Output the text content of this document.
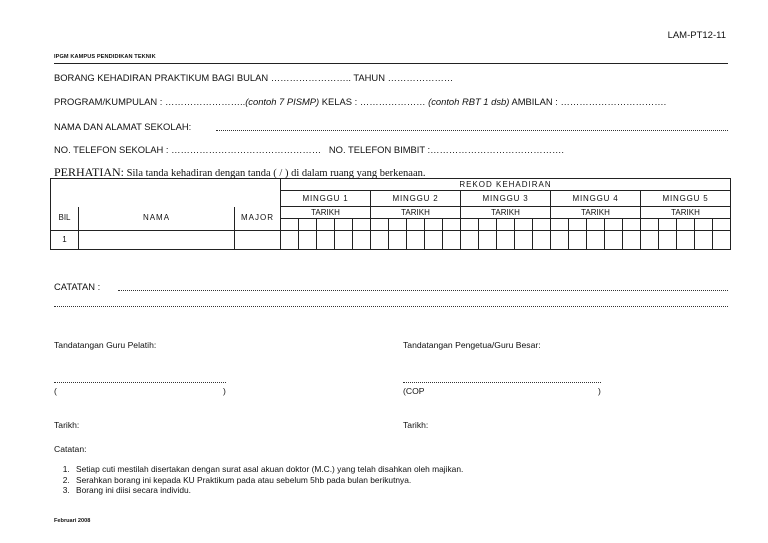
LAM-PT12-11
IPGM KAMPUS PENDIDIKAN TEKNIK
BORANG KEHADIRAN PRAKTIKUM BAGI BULAN …………………….. TAHUN …………………
PROGRAM/KUMPULAN : ……………………..(contoh 7 PISMP) KELAS : ………………… (contoh RBT 1 dsb) AMBILAN : …………………………….
NAMA DAN ALAMAT SEKOLAH:
NO. TELEFON SEKOLAH : ………………………………………… NO. TELEFON BIMBIT :…………………………………….
PERHATIAN: Sila tanda kehadiran dengan tanda ( / ) di dalam ruang yang berkenaan.
			REKOD KEHADIRAN																								
			MINGGU 1					MINGGU 2					MINGGU 3					MINGGU 4					MINGGU 5				
BIL	NAMA	MAJOR	TARIKH					TARIKH					TARIKH					TARIKH					TARIKH				

1																											
CATATAN :
Tandatangan Guru Pelatih:	Tandatangan Pengetua/Guru Besar:
(	)	(COP	)
Tarikh:	Tarikh:
Catatan:
1. Setiap cuti mestilah disertakan dengan surat asal akuan doktor (M.C.) yang telah disahkan oleh majikan.
2. Serahkan borang ini kepada KU Praktikum pada atau sebelum 5hb pada bulan berikutnya.
3. Borang ini diisi secara individu.
Februari 2008
